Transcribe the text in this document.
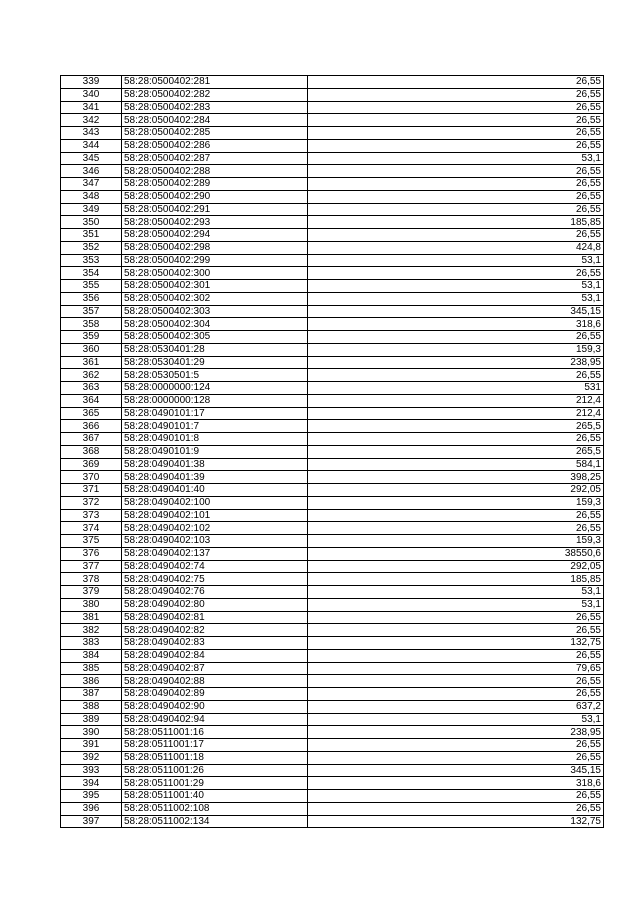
339	58:28:0500402:281	26,55
340	58:28:0500402:282	26,55
341	58:28:0500402:283	26,55
342	58:28:0500402:284	26,55
343	58:28:0500402:285	26,55
344	58:28:0500402:286	26,55
345	58:28:0500402:287	53,1
346	58:28:0500402:288	26,55
347	58:28:0500402:289	26,55
348	58:28:0500402:290	26,55
349	58:28:0500402:291	26,55
350	58:28:0500402:293	185,85
351	58:28:0500402:294	26,55
352	58:28:0500402:298	424,8
353	58:28:0500402:299	53,1
354	58:28:0500402:300	26,55
355	58:28:0500402:301	53,1
356	58:28:0500402:302	53,1
357	58:28:0500402:303	345,15
358	58:28:0500402:304	318,6
359	58:28:0500402:305	26,55
360	58:28:0530401:28	159,3
361	58:28:0530401:29	238,95
362	58:28:0530501:5	26,55
363	58:28:0000000:124	531
364	58:28:0000000:128	212,4
365	58:28:0490101:17	212,4
366	58:28:0490101:7	265,5
367	58:28:0490101:8	26,55
368	58:28:0490101:9	265,5
369	58:28:0490401:38	584,1
370	58:28:0490401:39	398,25
371	58:28:0490401:40	292,05
372	58:28:0490402:100	159,3
373	58:28:0490402:101	26,55
374	58:28:0490402:102	26,55
375	58:28:0490402:103	159,3
376	58:28:0490402:137	38550,6
377	58:28:0490402:74	292,05
378	58:28:0490402:75	185,85
379	58:28:0490402:76	53,1
380	58:28:0490402:80	53,1
381	58:28:0490402:81	26,55
382	58:28:0490402:82	26,55
383	58:28:0490402:83	132,75
384	58:28:0490402:84	26,55
385	58:28:0490402:87	79,65
386	58:28:0490402:88	26,55
387	58:28:0490402:89	26,55
388	58:28:0490402:90	637,2
389	58:28:0490402:94	53,1
390	58:28:0511001:16	238,95
391	58:28:0511001:17	26,55
392	58:28:0511001:18	26,55
393	58:28:0511001:26	345,15
394	58:28:0511001:29	318,6
395	58:28:0511001:40	26,55
396	58:28:0511002:108	26,55
397	58:28:0511002:134	132,75
